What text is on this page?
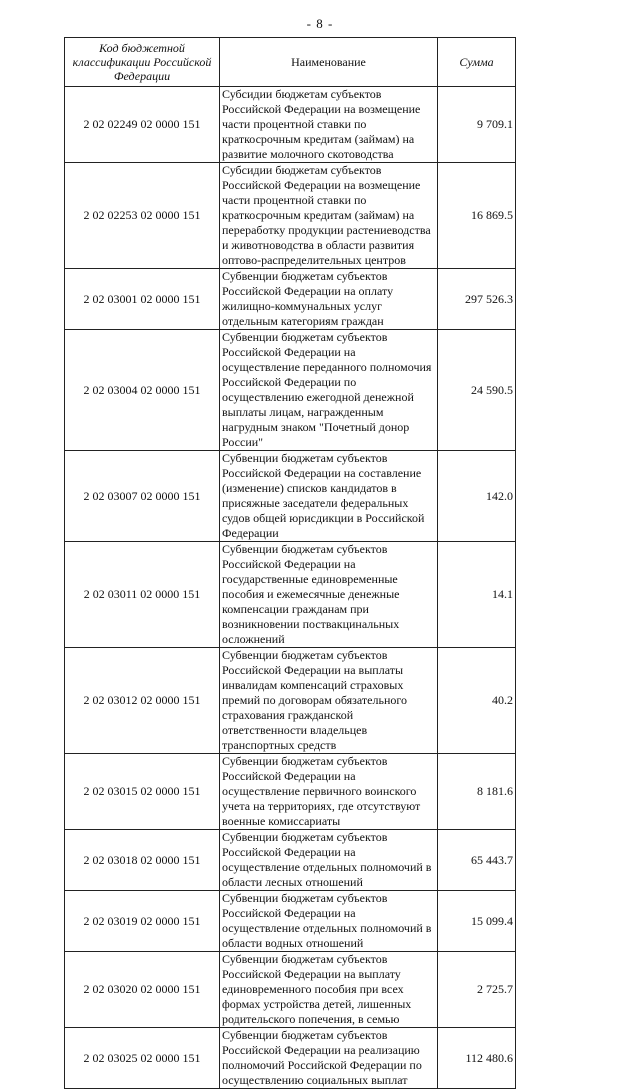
- 8 -
Код бюджетной классификации Российской Федерации	Наименование	Сумма
2 02 02249 02 0000 151	Субсидии бюджетам субъектов Российской Федерации на возмещение части процентной ставки по краткосрочным кредитам (займам) на развитие молочного скотоводства	9 709.1
2 02 02253 02 0000 151	Субсидии бюджетам субъектов Российской Федерации на возмещение части процентной ставки по краткосрочным кредитам (займам) на переработку продукции растениеводства и животноводства в области развития оптово-распределительных центров	16 869.5
2 02 03001 02 0000 151	Субвенции бюджетам субъектов Российской Федерации на оплату жилищно-коммунальных услуг отдельным категориям граждан	297 526.3
2 02 03004 02 0000 151	Субвенции бюджетам субъектов Российской Федерации на осуществление переданного полномочия Российской Федерации по осуществлению ежегодной денежной выплаты лицам, награжденным нагрудным знаком "Почетный донор России"	24 590.5
2 02 03007 02 0000 151	Субвенции бюджетам субъектов Российской Федерации на составление (изменение) списков кандидатов в присяжные заседатели федеральных судов общей юрисдикции в Российской Федерации	142.0
2 02 03011 02 0000 151	Субвенции бюджетам субъектов Российской Федерации на государственные единовременные пособия и ежемесячные денежные компенсации гражданам при возникновении поствакцинальных осложнений	14.1
2 02 03012 02 0000 151	Субвенции бюджетам субъектов Российской Федерации на выплаты инвалидам компенсаций страховых премий по договорам обязательного страхования гражданской ответственности владельцев транспортных средств	40.2
2 02 03015 02 0000 151	Субвенции бюджетам субъектов Российской Федерации на осуществление первичного воинского учета на территориях, где отсутствуют военные комиссариаты	8 181.6
2 02 03018 02 0000 151	Субвенции бюджетам субъектов Российской Федерации на осуществление отдельных полномочий в области лесных отношений	65 443.7
2 02 03019 02 0000 151	Субвенции бюджетам субъектов Российской Федерации на осуществление отдельных полномочий в области водных отношений	15 099.4
2 02 03020 02 0000 151	Субвенции бюджетам субъектов Российской Федерации на выплату единовременного пособия при всех формах устройства детей, лишенных родительского попечения, в семью	2 725.7
2 02 03025 02 0000 151	Субвенции бюджетам субъектов Российской Федерации на реализацию полномочий Российской Федерации по осуществлению социальных выплат	112 480.6
